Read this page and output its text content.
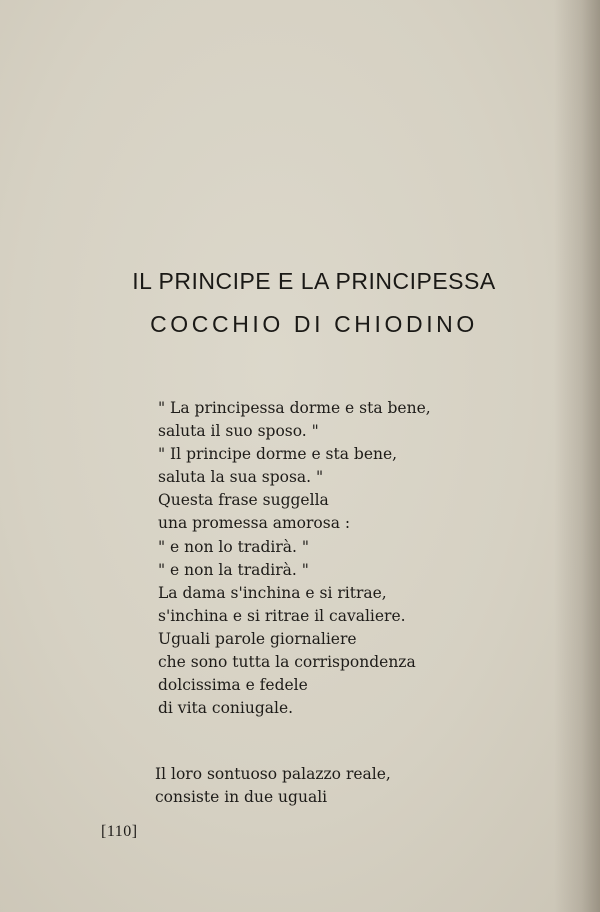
IL PRINCIPE E LA PRINCIPESSA
COCCHIO DI CHIODINO
" La principessa dorme e sta bene,
saluta il suo sposo. "
" Il principe dorme e sta bene,
saluta la sua sposa. "
Questa frase suggella
una promessa amorosa :
" e non lo tradirà. "
" e non la tradirà. "
La dama s'inchina e si ritrae,
s'inchina e si ritrae il cavaliere.
Uguali parole giornaliere
che sono tutta la corrispondenza
dolcissima e fedele
di vita coniugale.
Il loro sontuoso palazzo reale,
consiste in due uguali
[110]
